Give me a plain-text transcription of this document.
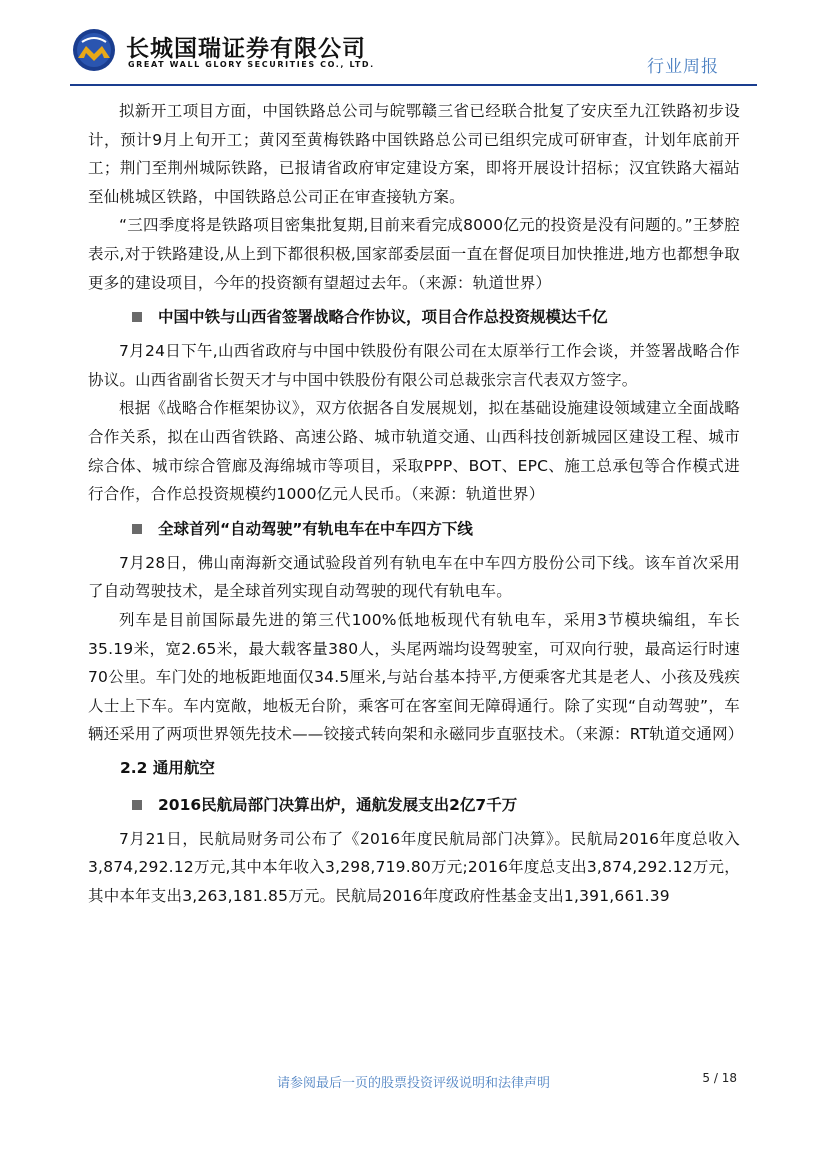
长城国瑞证券有限公司
GREAT WALL GLORY SECURITIES CO., LTD.	行业周报

拟新开工项目方面，中国铁路总公司与皖鄂赣三省已经联合批复了安庆至九江铁路初步设计，预计9月上旬开工；黄冈至黄梅铁路中国铁路总公司已组织完成可研审查，计划年底前开工；荆门至荆州城际铁路，已报请省政府审定建设方案，即将开展设计招标；汉宜铁路大福站至仙桃城区铁路，中国铁路总公司正在审查接轨方案。

“三四季度将是铁路项目密集批复期,目前来看完成8000亿元的投资是没有问题的。”王梦腔表示,对于铁路建设,从上到下都很积极,国家部委层面一直在督促项目加快推进,地方也都想争取更多的建设项目，今年的投资额有望超过去年。（来源：轨道世界）

中国中铁与山西省签署战略合作协议，项目合作总投资规模达千亿

7月24日下午,山西省政府与中国中铁股份有限公司在太原举行工作会谈，并签署战略合作协议。山西省副省长贺天才与中国中铁股份有限公司总裁张宗言代表双方签字。

根据《战略合作框架协议》，双方依据各自发展规划，拟在基础设施建设领域建立全面战略合作关系，拟在山西省铁路、高速公路、城市轨道交通、山西科技创新城园区建设工程、城市综合体、城市综合管廊及海绵城市等项目，采取PPP、BOT、EPC、施工总承包等合作模式进行合作，合作总投资规模约1000亿元人民币。（来源：轨道世界）

全球首列“自动驾驶”有轨电车在中车四方下线

7月28日，佛山南海新交通试验段首列有轨电车在中车四方股份公司下线。该车首次采用了自动驾驶技术，是全球首列实现自动驾驶的现代有轨电车。

列车是目前国际最先进的第三代100%低地板现代有轨电车，采用3节模块编组，车长35.19米，宽2.65米，最大载客量380人，头尾两端均设驾驶室，可双向行驶，最高运行时速70公里。车门处的地板距地面仅34.5厘米,与站台基本持平,方便乘客尤其是老人、小孩及残疾人士上下车。车内宽敞，地板无台阶，乘客可在客室间无障碍通行。除了实现“自动驾驶”，车辆还采用了两项世界领先技术——铰接式转向架和永磁同步直驱技术。（来源：RT轨道交通网）

2.2 通用航空
2016民航局部门决算出炉，通航发展支出2亿7千万

7月21日，民航局财务司公布了《2016年度民航局部门决算》。民航局2016年度总收入3,874,292.12万元,其中本年收入3,298,719.80万元;2016年度总支出3,874,292.12万元，其中本年支出3,263,181.85万元。民航局2016年度政府性基金支出1,391,661.39

请参阅最后一页的股票投资评级说明和法律声明	5 / 18
